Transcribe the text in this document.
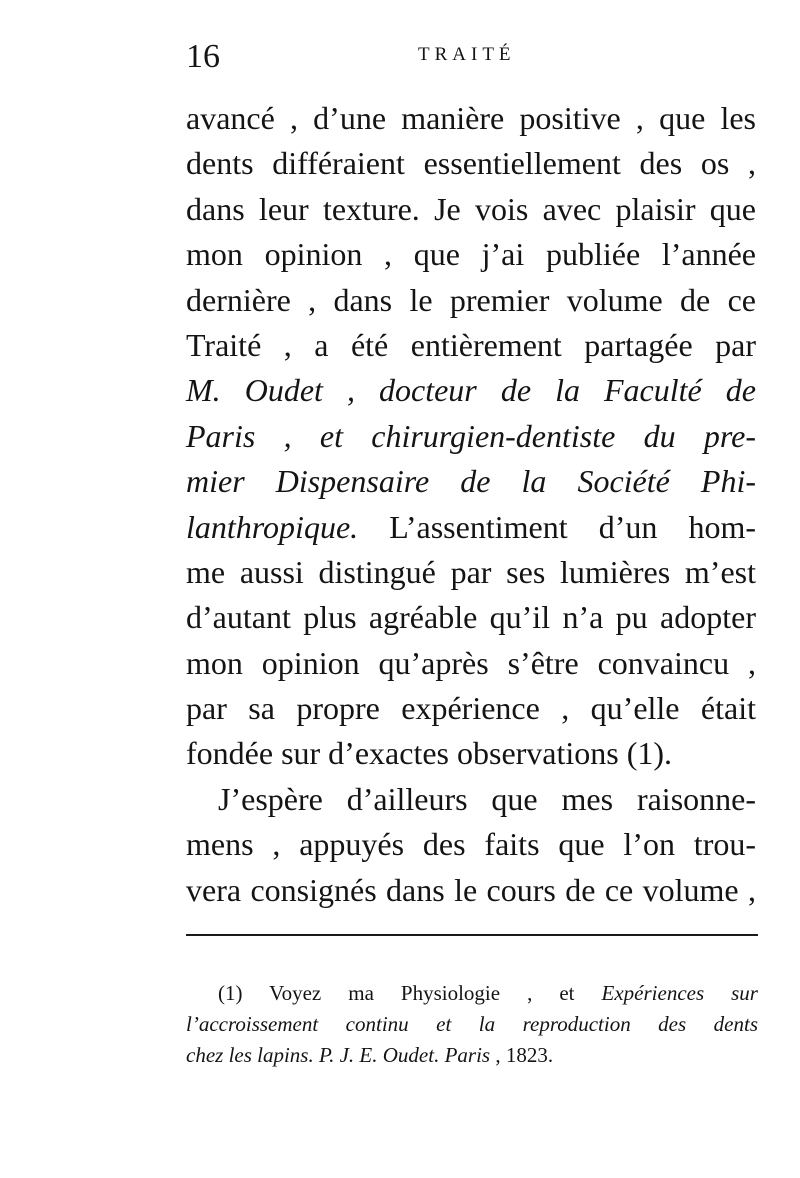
16	TRAITÉ
avancé , d’une manière positive , que les
dents différaient essentiellement des os ,
dans leur texture. Je vois avec plaisir que
mon opinion , que j’ai publiée l’année
dernière , dans le premier volume de ce
Traité , a été entièrement partagée par
M. Oudet , docteur de la Faculté de
Paris , et chirurgien-dentiste du pre-
mier Dispensaire de la Société Phi-
lanthropique. L’assentiment d’un hom-
me aussi distingué par ses lumières m’est
d’autant plus agréable qu’il n’a pu adopter
mon opinion qu’après s’être convaincu ,
par sa propre expérience , qu’elle était
fondée sur d’exactes observations (1).
J’espère d’ailleurs que mes raisonne-
mens , appuyés des faits que l’on trou-
vera consignés dans le cours de ce volume ,
(1) Voyez ma Physiologie , et Expériences sur
l’accroissement continu et la reproduction des dents
chez les lapins. P. J. E. Oudet. Paris , 1823.
